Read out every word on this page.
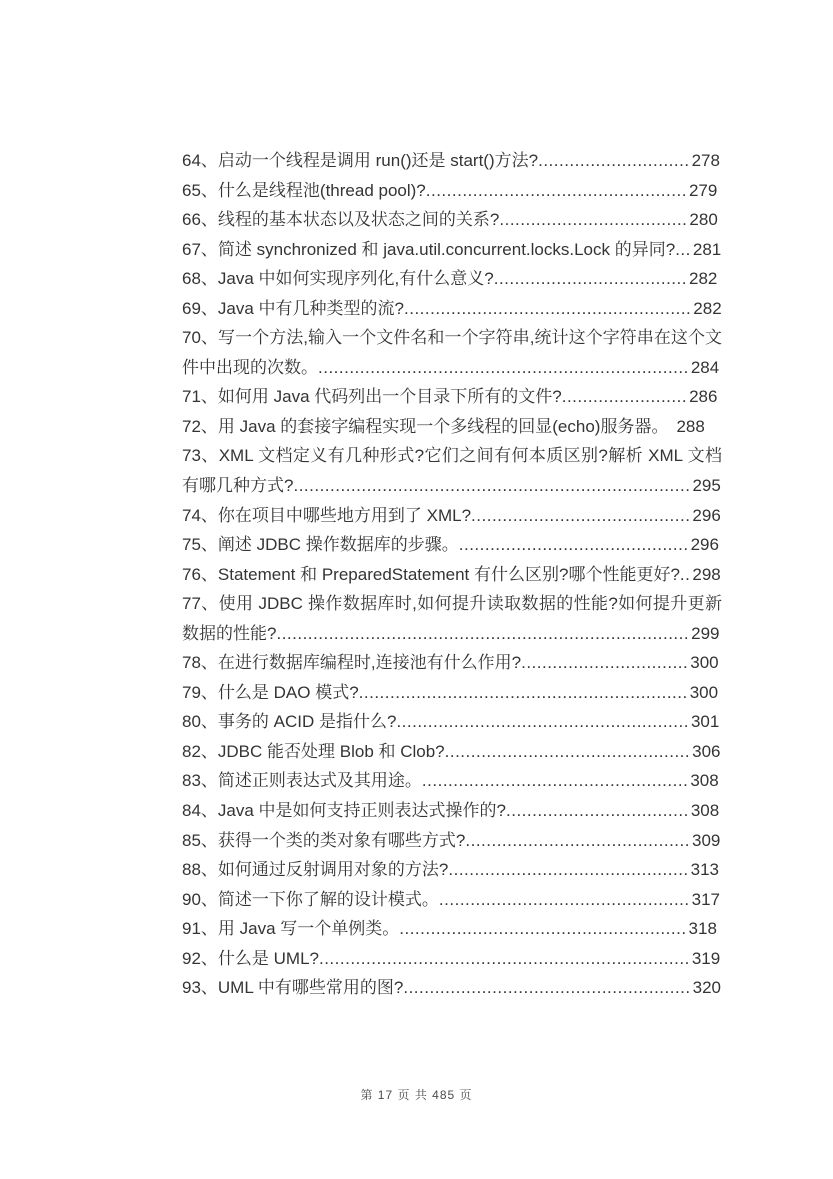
64、启动一个线程是调用 run()还是 start()方法?............................. 278
65、什么是线程池(thread pool)?.................................................. 279
66、线程的基本状态以及状态之间的关系?.................................... 280
67、简述 synchronized 和 java.util.concurrent.locks.Lock 的异同?... 281
68、Java 中如何实现序列化,有什么意义?..................................... 282
69、Java 中有几种类型的流?....................................................... 282
70、写一个方法,输入一个文件名和一个字符串,统计这个字符串在这个文件中出现的次数。....................................................................... 284
71、如何用 Java 代码列出一个目录下所有的文件?........................ 286
72、用 Java 的套接字编程实现一个多线程的回显(echo)服务器。 288
73、XML 文档定义有几种形式?它们之间有何本质区别?解析 XML 文档有哪几种方式?............................................................................ 295
74、你在项目中哪些地方用到了 XML?.......................................... 296
75、阐述 JDBC 操作数据库的步骤。............................................ 296
76、Statement 和 PreparedStatement 有什么区别?哪个性能更好?.. 298
77、使用 JDBC 操作数据库时,如何提升读取数据的性能?如何提升更新数据的性能?............................................................................... 299
78、在进行数据库编程时,连接池有什么作用?................................ 300
79、什么是 DAO 模式?............................................................... 300
80、事务的 ACID 是指什么?........................................................ 301
82、JDBC 能否处理 Blob 和 Clob?............................................... 306
83、简述正则表达式及其用途。................................................... 308
84、Java 中是如何支持正则表达式操作的?................................... 308
85、获得一个类的类对象有哪些方式?........................................... 309
88、如何通过反射调用对象的方法?.............................................. 313
90、简述一下你了解的设计模式。................................................ 317
91、用 Java 写一个单例类。....................................................... 318
92、什么是 UML?....................................................................... 319
93、UML 中有哪些常用的图?....................................................... 320
第 17 页 共 485 页
